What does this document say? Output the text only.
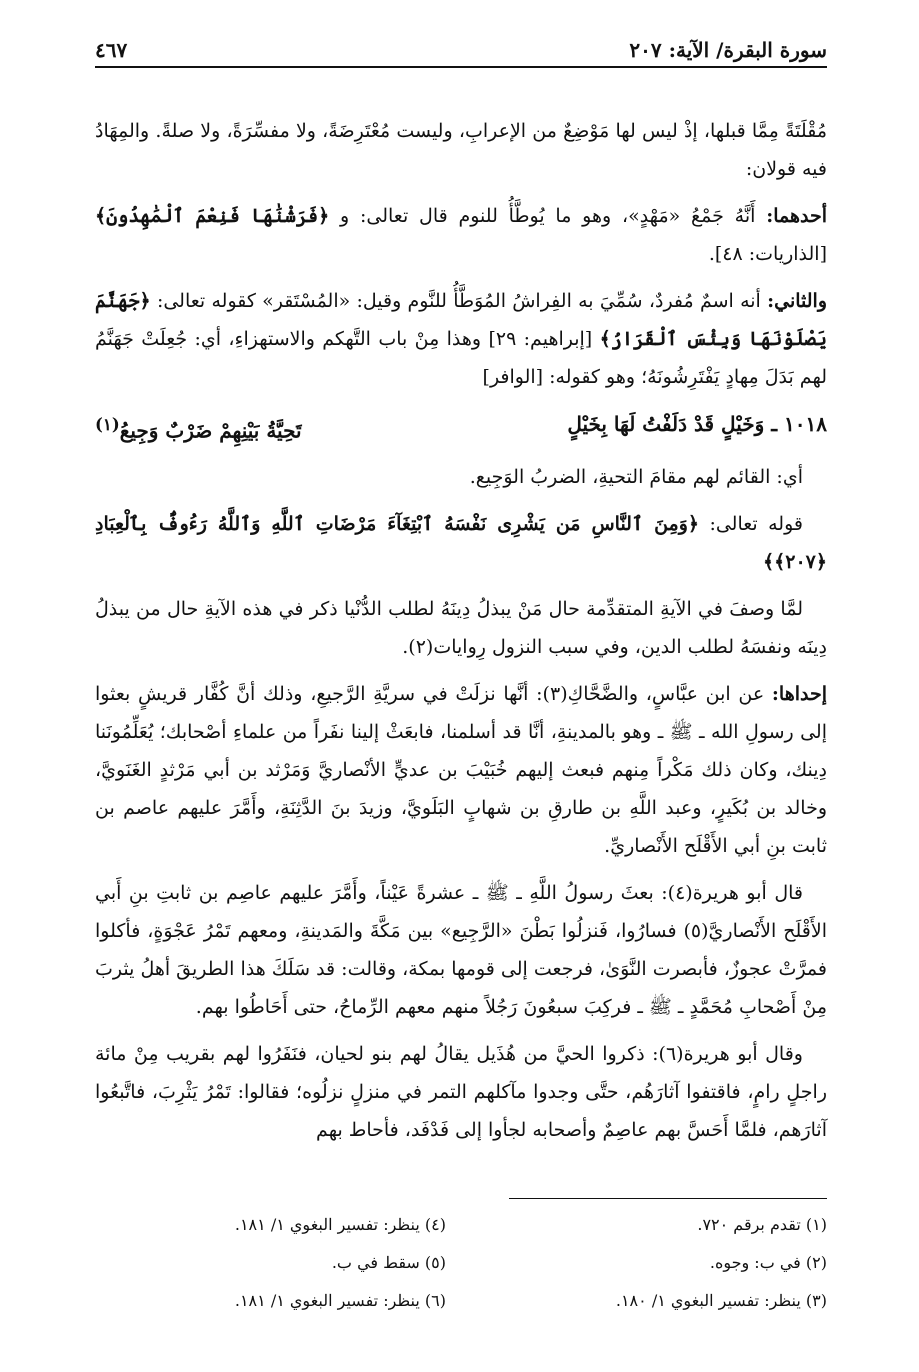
سورة البقرة/ الآية: ٢٠٧
٤٦٧

مُقْلَتَةً مِمَّا قبلها، إذْ ليس لها مَوْضِعٌ من الإعرابِ، وليست مُعْتَرِضَةً، ولا مفسِّرَةً، ولا صلةً. والمِهَادُ فيه قولان:

أحدهما: أَنَّهُ جَمْعُ «مَهْدٍ»، وهو ما يُوطَّأُ للنوم قال تعالى: و ﴿فَرَشْنَٰهَا فَنِعْمَ ٱلْمَٰهِدُونَ﴾ [الذاريات: ٤٨].

والثاني: أنه اسمٌ مُفردٌ، سُمِّيَ به الفِراشُ المُوَطَّأُ للنَّوم وقيل: «المُسْتَقر» كقوله تعالى: ﴿جَهَنَّمَ يَصْلَوْنَهَا وَبِئْسَ ٱلْقَرَارُ﴾ [إبراهيم: ٢٩] وهذا مِنْ باب التَّهكم والاستهزاءِ، أي: جُعِلَتْ جَهَنَّمُ لهم بَدَلَ مِهادٍ يَفْتَرِشُونَهُ؛ وهو كقوله: [الوافر]

١٠١٨ ـ وَخَيْلٍ قَدْ دَلَفْتُ لَهَا بِخَيْلٍ
تَحِيَّةُ بَيْنِهِمْ ضَرْبٌ وَجِيعُ$^{(١)}$

أي: القائم لهم مقامَ التحيةِ، الضربُ الوَجِيع.

قوله تعالى: ﴿وَمِنَ ٱلنَّاسِ مَن يَشْرِى نَفْسَهُ ٱبْتِغَآءَ مَرْضَاتِ ٱللَّهِ وَٱللَّهُ رَءُوفٌۢ بِٱلْعِبَادِ ﴿٢٠٧﴾﴾

لمَّا وصفَ في الآيةِ المتقدِّمة حال مَنْ يبذلُ دِينَهُ لطلب الدُّنْيا ذكر في هذه الآيةِ حال من يبذلُ دِينَه ونفسَهُ لطلب الدين، وفي سبب النزول رِوايات(٢).

إحداها: عن ابن عبَّاسٍ، والضَّحَّاكِ(٣): أنَّها نزلَتْ في سريَّةِ الرَّجيعِ، وذلك أنَّ كُفَّار قريشٍ بعثوا إلى رسولِ الله ـ ﷺ ـ وهو بالمدينةِ، أنَّا قد أسلمنا، فابعَثْ إلينا نفَراً من علماءِ أصْحابك؛ يُعَلِّمُونَنا دِينك، وكان ذلك مَكْراً مِنهم فبعث إليهم خُبَيْبَ بن عديٍّ الأنْصاريَّ وَمَرْثد بن أبي مَرْثدٍ الغَنَويَّ، وخالد بن بُكَيرٍ، وعبد اللَّهِ بن طارقِ بن شهابٍ البَلَويَّ، وزيدَ بنَ الدَّثِنَةِ، وأَمَّرَ عليهم عاصم بن ثابت بنِ أبي الأَقْلَح الأَنْصاريِّ.

قال أبو هريرة(٤): بعثَ رسولُ اللَّهِ ـ ﷺ ـ عشرةً عَيْناً، وأَمَّرَ عليهم عاصِم بن ثابتِ بنِ أَبي الأَقْلَح الأَنْصاريَّ(٥) فسارُوا، فَنزلُوا بَطْنَ «الرَّجِيع» بين مَكَّةَ والمَدينةِ، ومعهم تَمْرُ عَجْوَةٍ، فأكلوا فمرَّتْ عجوزٌ، فأبصرت النَّوَىٰ، فرجعت إلى قومها بمكة، وقالت: قد سَلَكَ هذا الطريقَ أهلُ يثربَ مِنْ أَصْحابِ مُحَمَّدٍ ـ ﷺ ـ فركِبَ سبعُونَ رَجُلاً منهم معهم الرِّماحُ، حتى أَحَاطُوا بهم.

وقال أبو هريرة(٦): ذكروا الحيَّ من هُذَيل يقالُ لهم بنو لحيان، فنَفَرُوا لهم بقريب مِنْ مائة راجلٍ رامٍ، فاقتفوا آثارَهُم، حتَّى وجدوا مآكلهم التمر في منزلٍ نزلُوه؛ فقالوا: تَمْرُ يَثْرِبَ، فاتَّبعُوا آثارَهم، فلمَّا أَحَسَّ بهم عاصِمٌ وأصحابه لجأوا إلى فَدْفَد، فأحاط بهم

(١) تقدم برقم ٧٢٠.
(٤) ينظر: تفسير البغوي ١/ ١٨١.
(٢) في ب: وجوه.
(٥) سقط في ب.
(٣) ينظر: تفسير البغوي ١/ ١٨٠.
(٦) ينظر: تفسير البغوي ١/ ١٨١.
